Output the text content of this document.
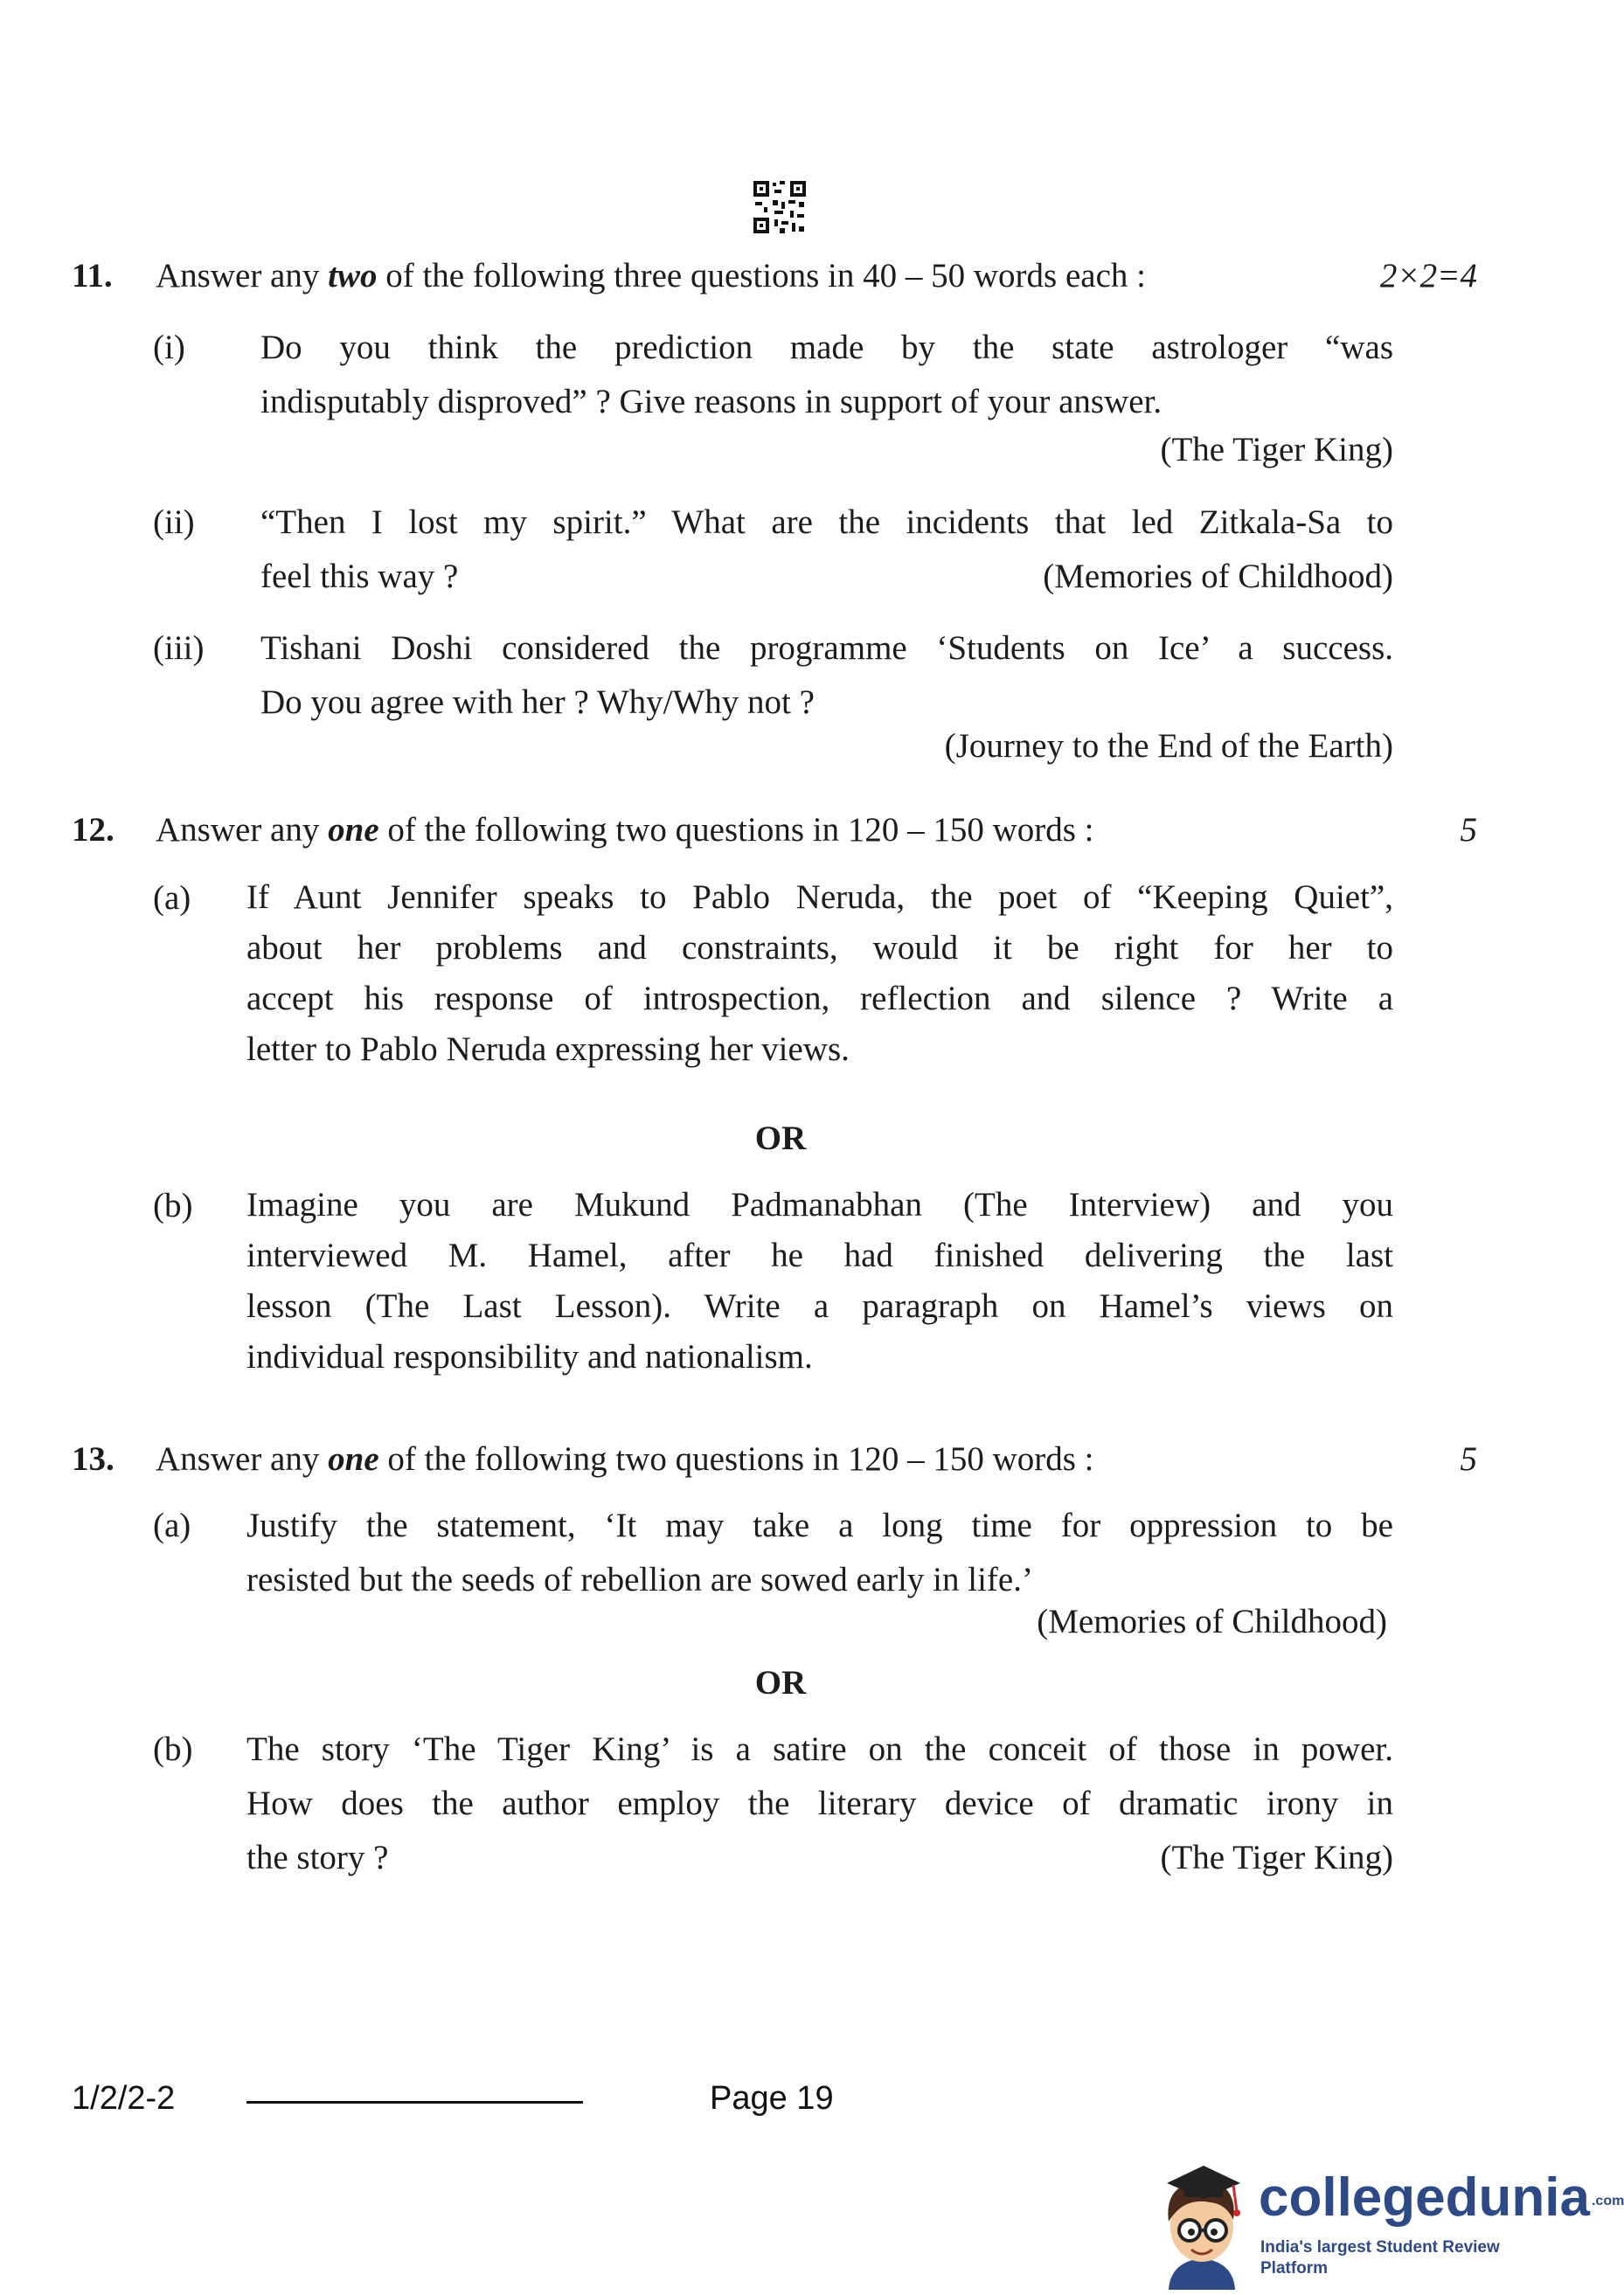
11. Answer any two of the following three questions in 40 – 50 words each :	2×2=4
(i) Do you think the prediction made by the state astrologer “was
indisputably disproved” ? Give reasons in support of your answer.
(The Tiger King)
(ii) “Then I lost my spirit.” What are the incidents that led Zitkala-Sa to
feel this way ?	(Memories of Childhood)
(iii) Tishani Doshi considered the programme ‘Students on Ice’ a success.
Do you agree with her ? Why/Why not ?
(Journey to the End of the Earth)
12. Answer any one of the following two questions in 120 – 150 words :	5
(a) If Aunt Jennifer speaks to Pablo Neruda, the poet of “Keeping Quiet”,
about her problems and constraints, would it be right for her to
accept his response of introspection, reflection and silence ? Write a
letter to Pablo Neruda expressing her views.
OR
(b) Imagine you are Mukund Padmanabhan (The Interview) and you
interviewed M. Hamel, after he had finished delivering the last
lesson (The Last Lesson). Write a paragraph on Hamel’s views on
individual responsibility and nationalism.
13. Answer any one of the following two questions in 120 – 150 words :	5
(a) Justify the statement, ‘It may take a long time for oppression to be
resisted but the seeds of rebellion are sowed early in life.’
(Memories of Childhood)
OR
(b) The story ‘The Tiger King’ is a satire on the conceit of those in power.
How does the author employ the literary device of dramatic irony in
the story ?	(The Tiger King)
1/2/2-2	Page 19
collegedunia .com
India's largest Student Review Platform
